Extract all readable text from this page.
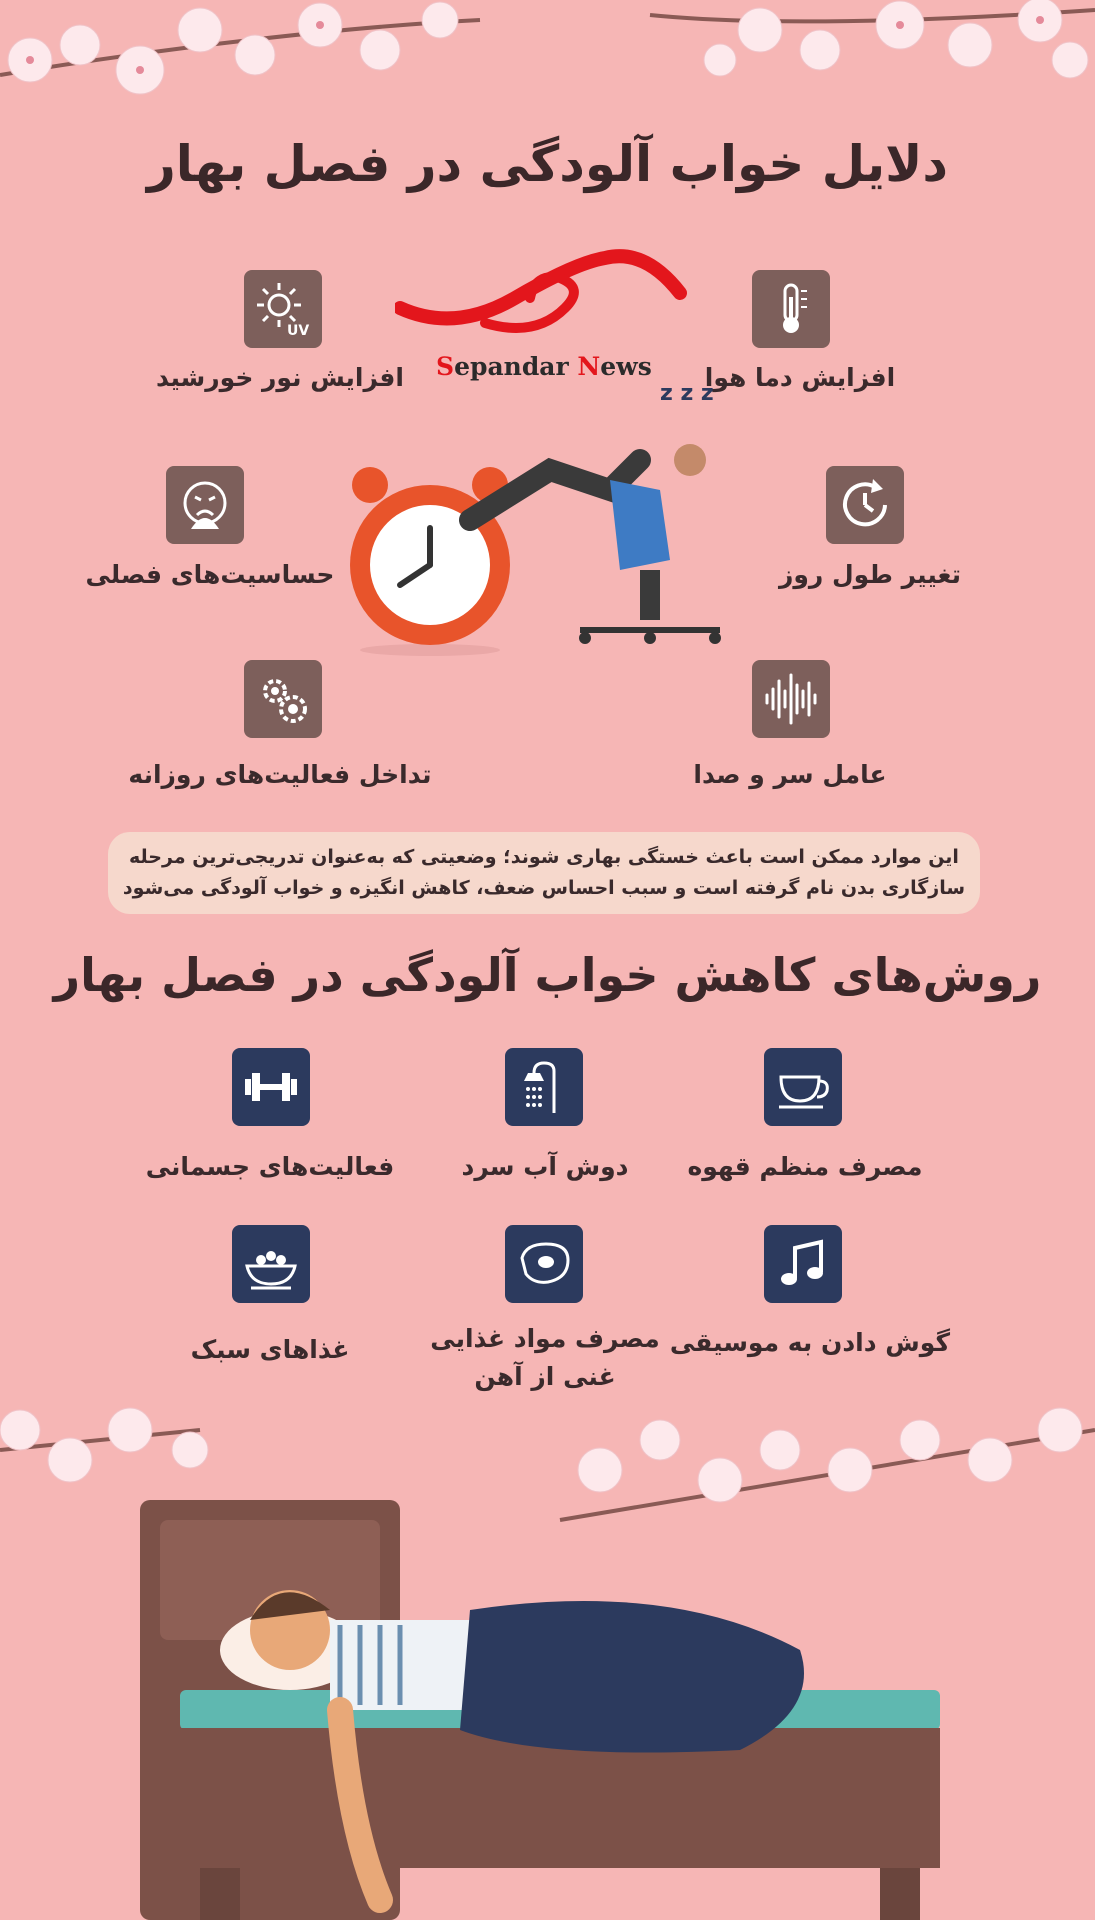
دلایل خواب آلودگی در فصل بهار
Sepandar News
UV
افزایش دما هوا
افزایش نور خورشید
تغییر طول روز
حساسیت‌های فصلی
عامل سر و صدا
تداخل فعالیت‌های روزانه
z z z
این موارد ممکن است باعث خستگی بهاری شوند؛ وضعیتی که به‌عنوان تدریجی‌ترین مرحله
سازگاری بدن نام گرفته است و سبب احساس ضعف، کاهش انگیزه و خواب آلودگی می‌شود
روش‌های کاهش خواب آلودگی در فصل بهار
مصرف منظم قهوه
دوش آب سرد
فعالیت‌های جسمانی
گوش دادن به موسیقی
مصرف مواد غذایی
غنی از آهن
غذاهای سبک
